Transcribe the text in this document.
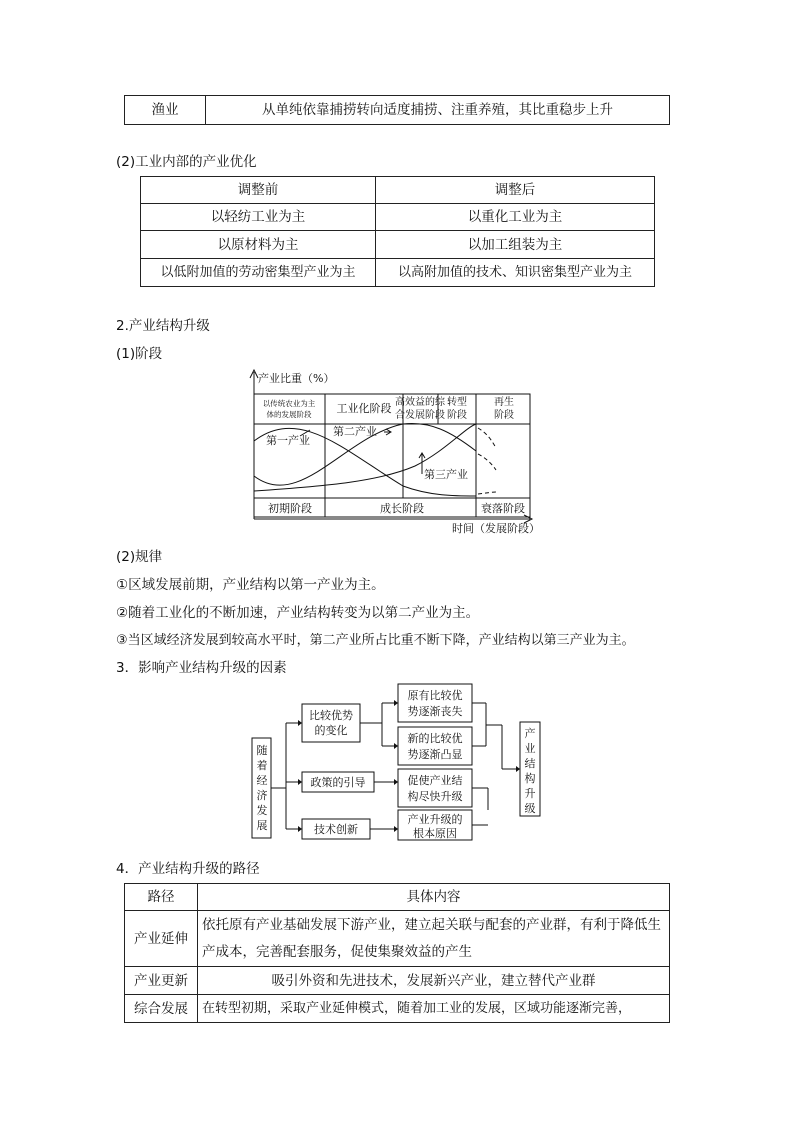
渔业	从单纯依靠捕捞转向适度捕捞、注重养殖，其比重稳步上升
(2)工业内部的产业优化
调整前	调整后
以轻纺工业为主	以重化工业为主
以原材料为主	以加工组装为主
以低附加值的劳动密集型产业为主	以高附加值的技术、知识密集型产业为主
2.产业结构升级
(1)阶段
产业比重（%）
时间（发展阶段）
以传统农业为主
体的发展阶段 工业化阶段 高效益的综
合发展阶段
转型
阶段
再生
阶段
第一产业
第二产业
第三产业
初期阶段	成长阶段	衰落阶段
(2)规律
①区域发展前期，产业结构以第一产业为主。
②随着工业化的不断加速，产业结构转变为以第二产业为主。
③当区域经济发展到较高水平时，第二产业所占比重不断下降，产业结构以第三产业为主。
3．影响产业结构升级的因素
随
着
经
济
发
展
比较优势
的变化
政策的引导
技术创新
原有比较优
势逐渐丧失
新的比较优
势逐渐凸显
促使产业结
构尽快升级
产业升级的
根本原因
产
业
结
构
升
级
4．产业结构升级的路径
路径	具体内容
产业延伸	依托原有产业基础发展下游产业，建立起关联与配套的产业群，有利于降低生产成本，完善配套服务，促使集聚效益的产生
产业更新	吸引外资和先进技术，发展新兴产业，建立替代产业群
综合发展	在转型初期，采取产业延伸模式，随着加工业的发展，区域功能逐渐完善，
